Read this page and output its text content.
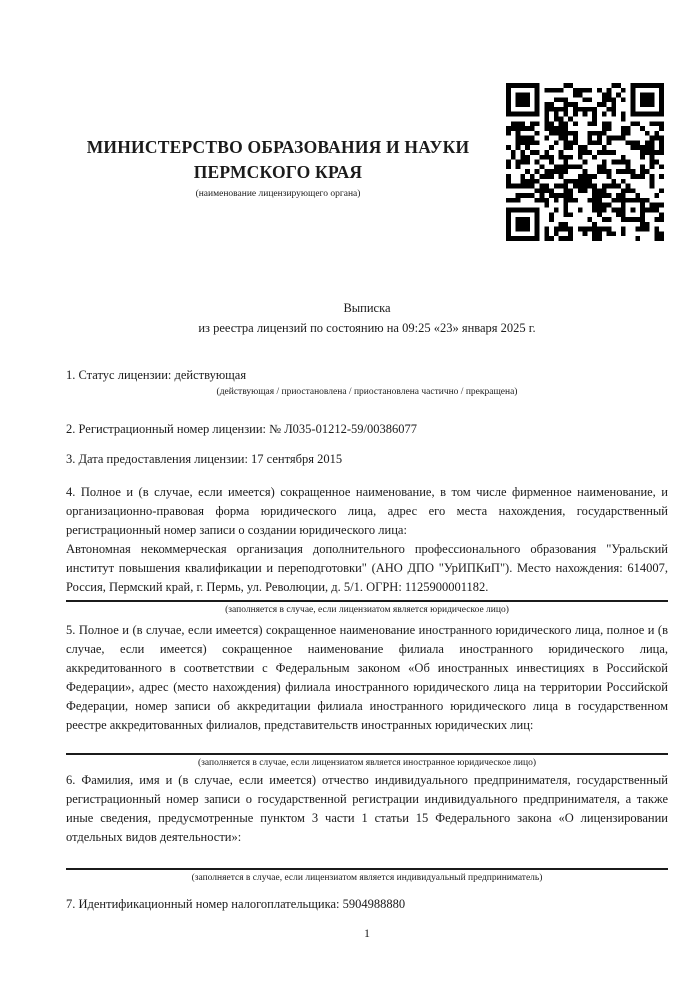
МИНИСТЕРСТВО ОБРАЗОВАНИЯ И НАУКИ
ПЕРМСКОГО КРАЯ
(наименование лицензирующего органа)
Выписка
из реестра лицензий по состоянию на 09:25 «23» января 2025 г.
1. Статус лицензии: действующая
(действующая / приостановлена / приостановлена частично / прекращена)
2. Регистрационный номер лицензии: № Л035-01212-59/00386077
3. Дата предоставления лицензии: 17 сентября 2015

4. Полное и (в случае, если имеется) сокращенное наименование, в том числе фирменное наименование, и организационно-правовая форма юридического лица, адрес его места нахождения, государственный регистрационный номер записи о создании юридического лица:

Автономная некоммерческая организация дополнительного профессионального образования "Уральский институт повышения квалификации и переподготовки" (АНО ДПО "УрИПКиП"). Место нахождения: 614007, Россия, Пермский край, г. Пермь, ул. Революции, д. 5/1. ОГРН: 1125900001182.

(заполняется в случае, если лицензиатом является юридическое лицо)

5. Полное и (в случае, если имеется) сокращенное наименование иностранного юридического лица, полное и (в случае, если имеется) сокращенное наименование филиала иностранного юридического лица, аккредитованного в соответствии с Федеральным законом «Об иностранных инвестициях в Российской Федерации», адрес (место нахождения) филиала иностранного юридического лица на территории Российской Федерации, номер записи об аккредитации филиала иностранного юридического лица в государственном реестре аккредитованных филиалов, представительств иностранных юридических лиц:

(заполняется в случае, если лицензиатом является иностранное юридическое лицо)

6. Фамилия, имя и (в случае, если имеется) отчество индивидуального предпринимателя, государственный регистрационный номер записи о государственной регистрации индивидуального предпринимателя, а также иные сведения, предусмотренные пунктом 3 части 1 статьи 15 Федерального закона «О лицензировании отдельных видов деятельности»:

(заполняется в случае, если лицензиатом является индивидуальный предприниматель)
7. Идентификационный номер налогоплательщика: 5904988880
1
